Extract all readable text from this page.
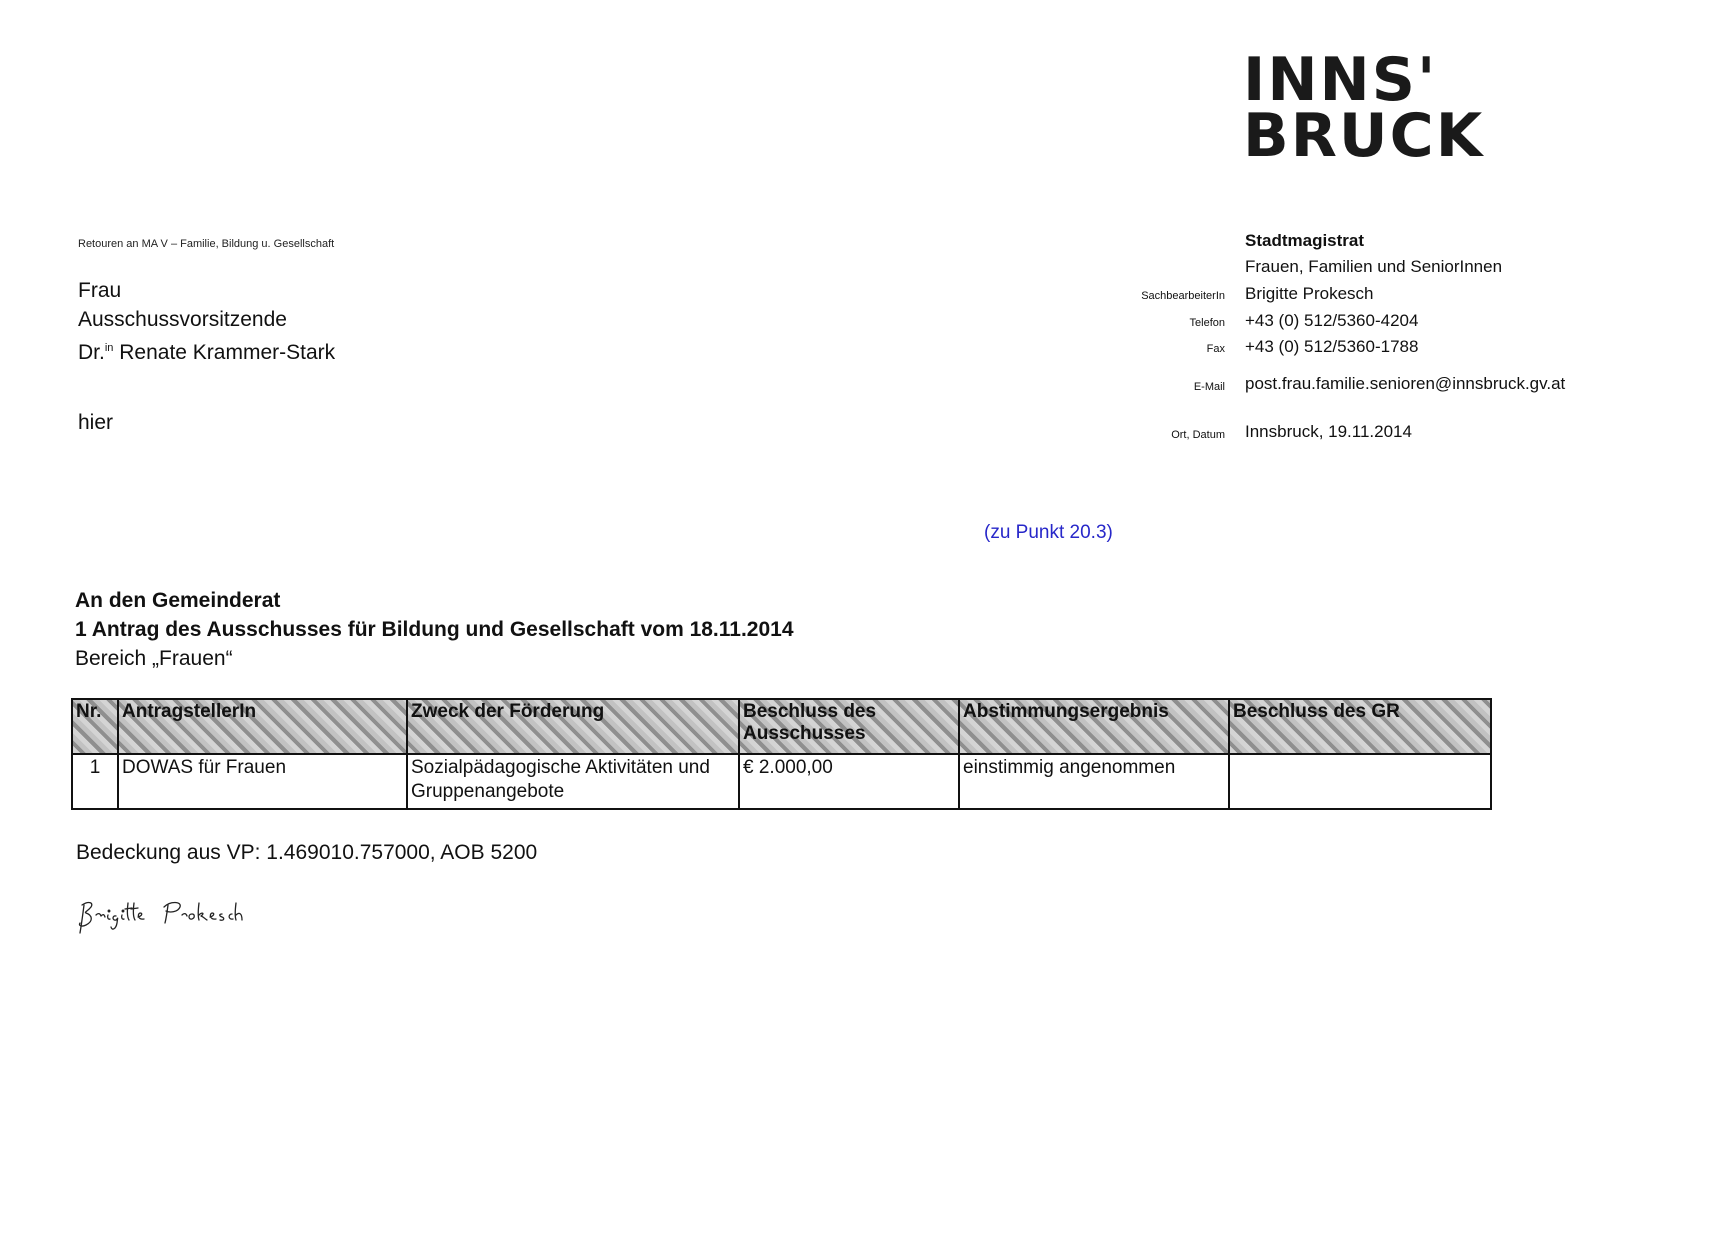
INNS'
BRUCK
Retouren an MA V – Familie, Bildung u. Gesellschaft
Frau
Ausschussvorsitzende
Dr.$^{in}$ Renate Krammer-Stark
hier
Stadtmagistrat
Frauen, Familien und SeniorInnen
SachbearbeiterIn Brigitte Prokesch
Telefon +43 (0) 512/5360-4204
Fax +43 (0) 512/5360-1788
E-Mail post.frau.familie.senioren@innsbruck.gv.at
Ort, Datum Innsbruck, 19.11.2014
(zu Punkt 20.3)
An den Gemeinderat
1 Antrag des Ausschusses für Bildung und Gesellschaft vom 18.11.2014
Bereich „Frauen“
Nr.	AntragstellerIn	Zweck der Förderung	Beschluss des Ausschusses	Abstimmungsergebnis	Beschluss des GR
1	DOWAS für Frauen	Sozialpädagogische Aktivitäten und Gruppenangebote	€ 2.000,00	einstimmig angenommen	
Bedeckung aus VP: 1.469010.757000, AOB 5200
